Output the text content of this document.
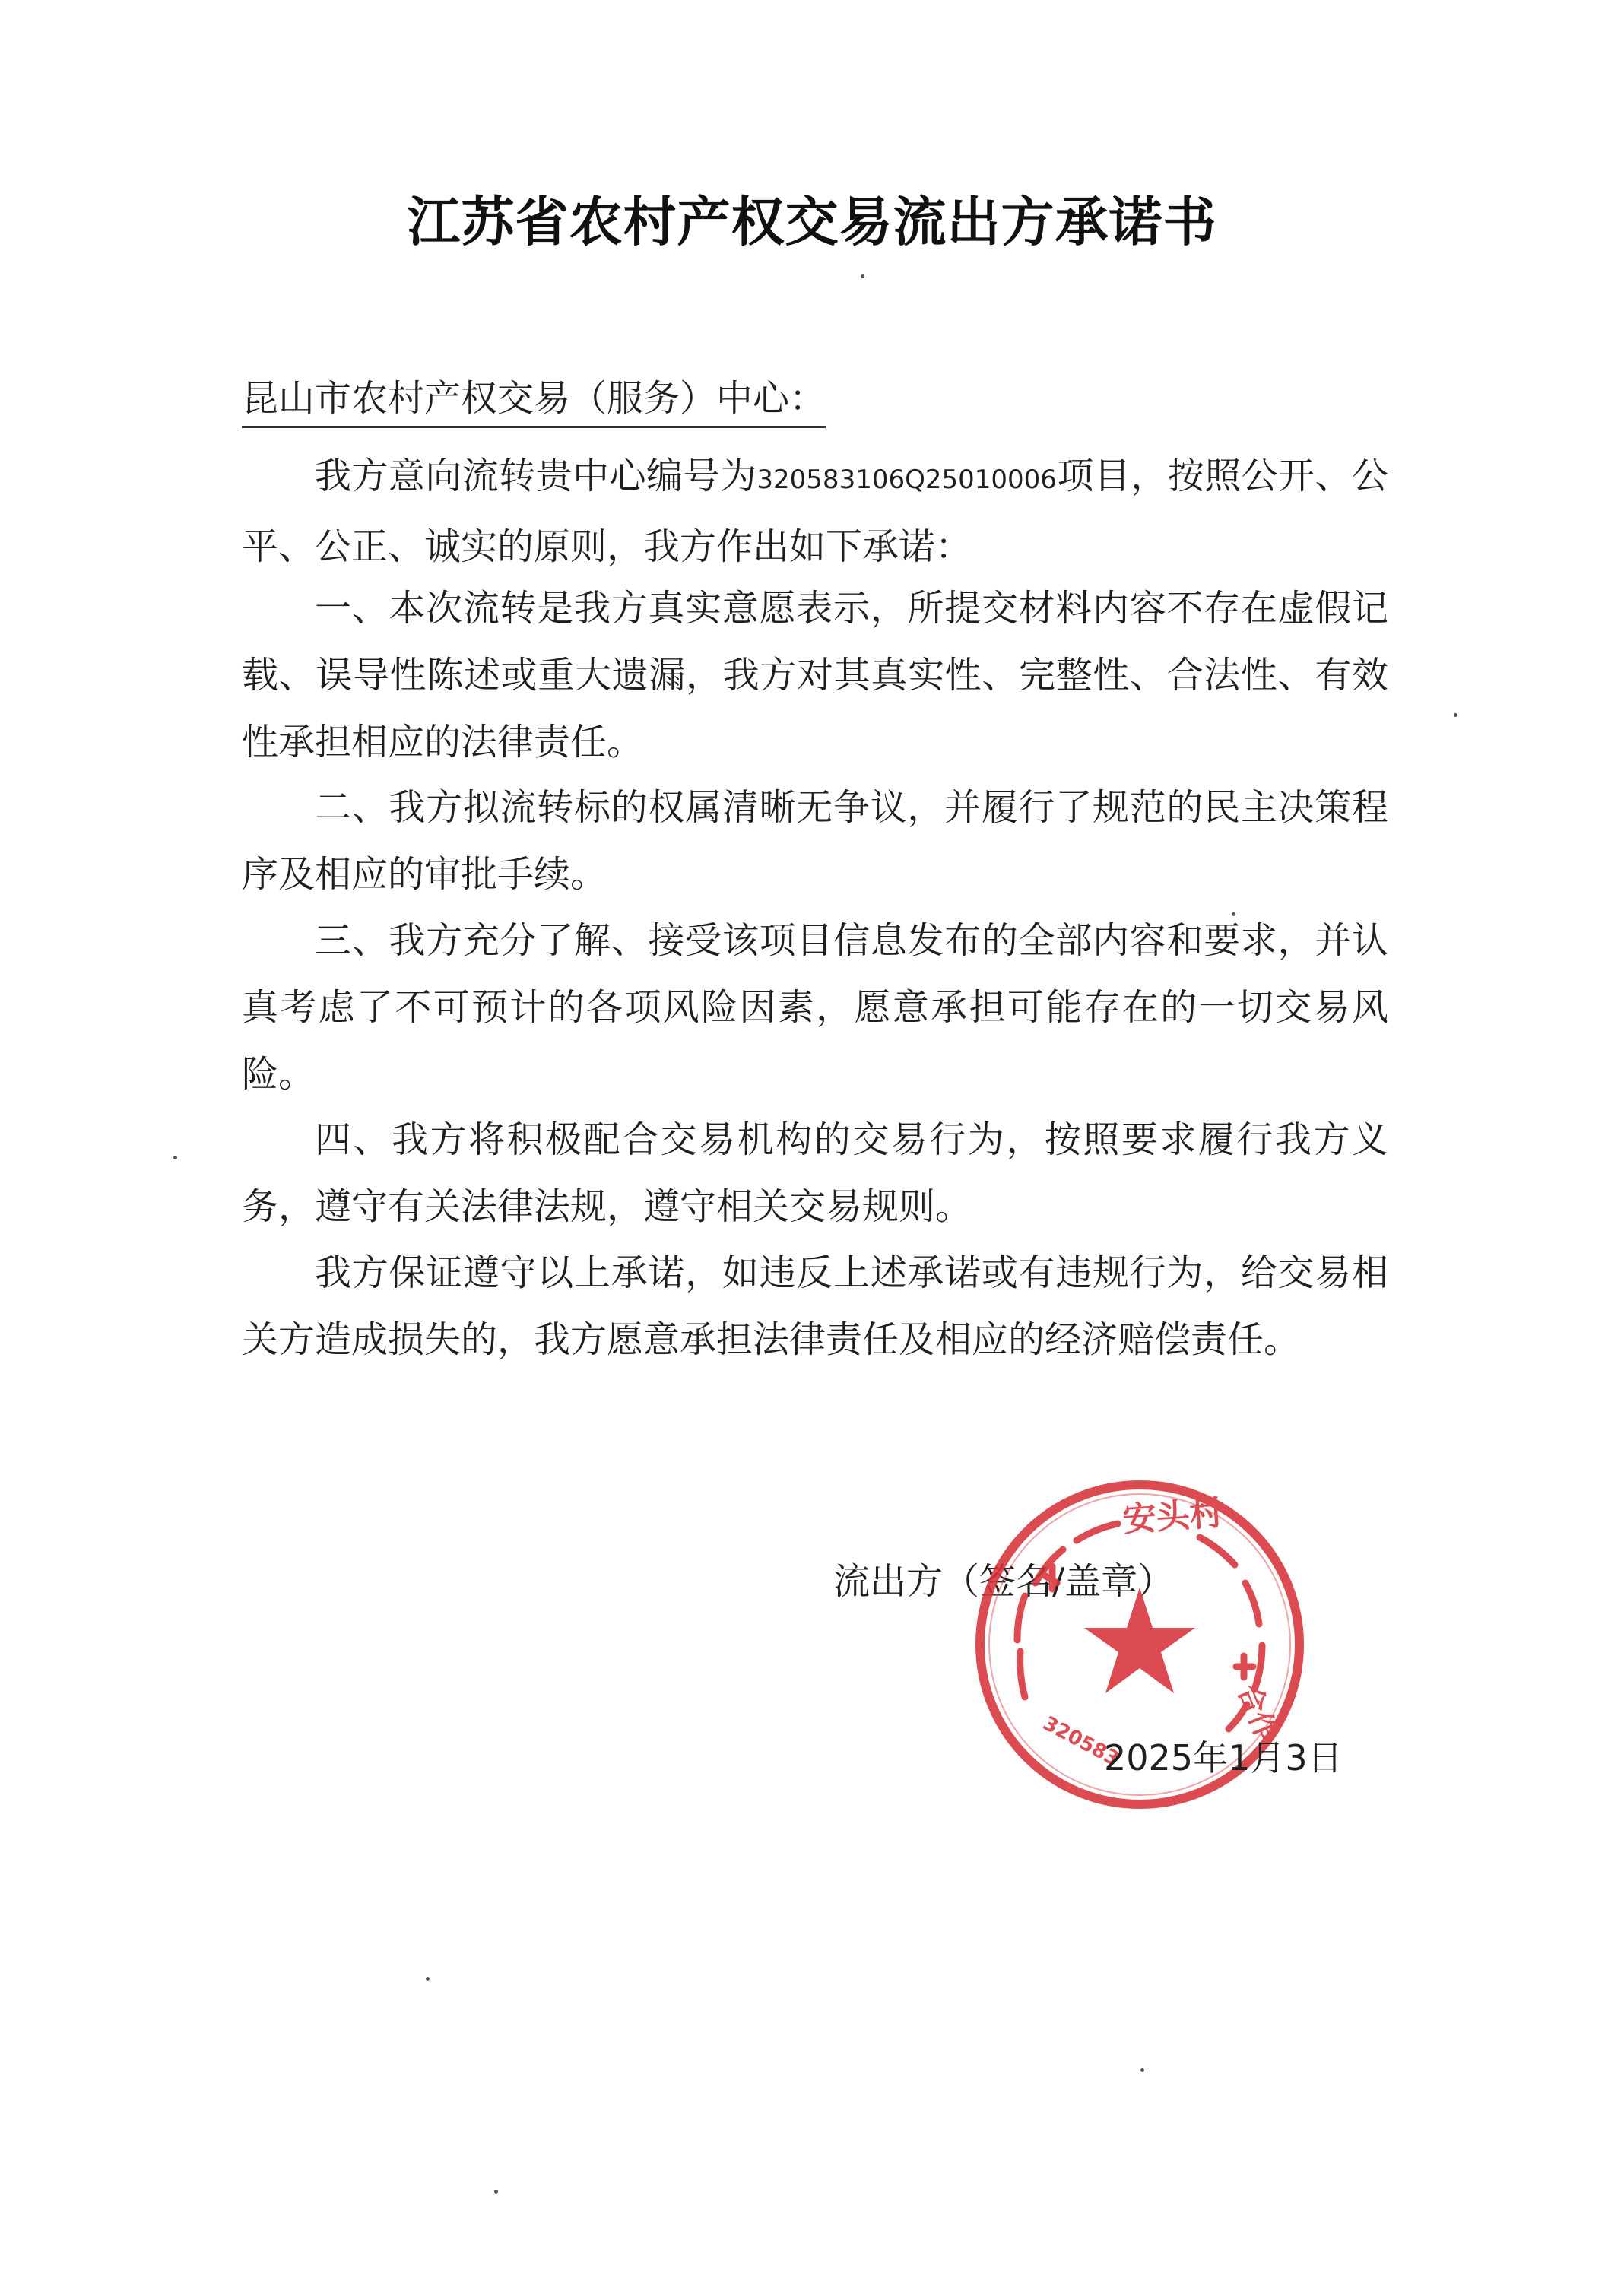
江苏省农村产权交易流出方承诺书
昆山市农村产权交易（服务）中心：

我方意向流转贵中心编号为320583106Q25010006项目，按照公开、公平、公正、诚实的原则，我方作出如下承诺：

一、本次流转是我方真实意愿表示，所提交材料内容不存在虚假记载、误导性陈述或重大遗漏，我方对其真实性、完整性、合法性、有效性承担相应的法律责任。

二、我方拟流转标的权属清晰无争议，并履行了规范的民主决策程序及相应的审批手续。

三、我方充分了解、接受该项目信息发布的全部内容和要求，并认真考虑了不可预计的各项风险因素，愿意承担可能存在的一切交易风险。

四、我方将积极配合交易机构的交易行为，按照要求履行我方义务，遵守有关法律法规，遵守相关交易规则。

我方保证遵守以上承诺，如违反上述承诺或有违规行为，给交易相关方造成损失的，我方愿意承担法律责任及相应的经济赔偿责任。

流出方（签名/盖章）
安头村
合作
320583
2025年1月3日
